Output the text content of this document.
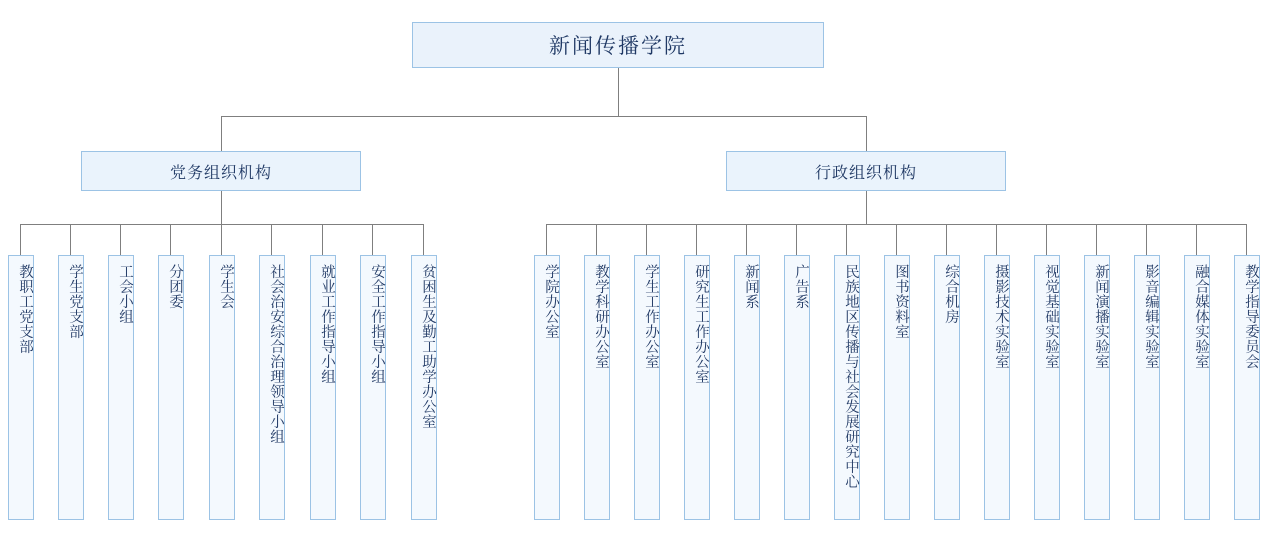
新闻传播学院
党务组织机构	行政组织机构
教职工党支部 学生党支部 工会小组 分团委 学生会 社会治安综合治理领导小组 就业工作指导小组 安全工作指导小组 贫困生及勤工助学办公室	学院办公室 教学科研办公室 学生工作办公室 研究生工作办公室 新闻系 广告系 民族地区传播与社会发展研究中心 图书资料室 综合机房 摄影技术实验室 视觉基础实验室 新闻演播实验室 影音编辑实验室 融合媒体实验室 教学指导委员会
